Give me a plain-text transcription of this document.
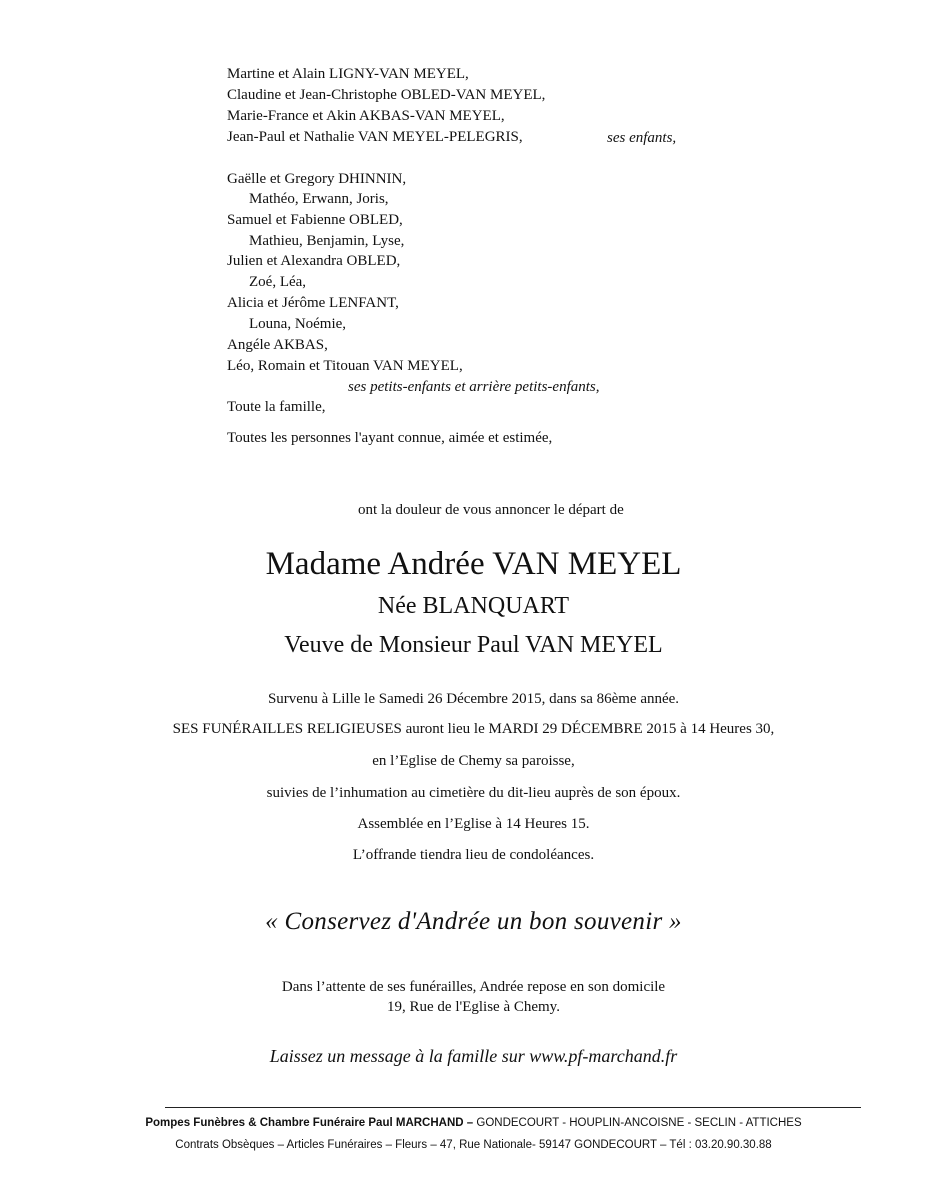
Martine et Alain LIGNY-VAN MEYEL,
Claudine et Jean-Christophe OBLED-VAN MEYEL,
Marie-France et Akin AKBAS-VAN MEYEL,
Jean-Paul et Nathalie VAN MEYEL-PELEGRIS,	ses enfants,
Gaëlle et Gregory DHINNIN,
Mathéo, Erwann, Joris,
Samuel et Fabienne OBLED,
Mathieu, Benjamin, Lyse,
Julien et Alexandra OBLED,
Zoé, Léa,
Alicia et Jérôme LENFANT,
Louna, Noémie,
Angéle AKBAS,
Léo, Romain et Titouan VAN MEYEL,
ses petits-enfants et arrière petits-enfants,
Toute la famille,
Toutes les personnes l'ayant connue, aimée et estimée,
ont la douleur de vous annoncer le départ de
Madame Andrée VAN MEYEL
Née BLANQUART
Veuve de Monsieur Paul VAN MEYEL
Survenu à Lille le Samedi 26 Décembre 2015, dans sa 86ème année.
SES FUNÉRAILLES RELIGIEUSES auront lieu le MARDI 29 DÉCEMBRE 2015 à 14 Heures 30,
en l’Eglise de Chemy sa paroisse,
suivies de l’inhumation au cimetière du dit-lieu auprès de son époux.
Assemblée en l’Eglise à 14 Heures 15.
L’offrande tiendra lieu de condoléances.
« Conservez d'Andrée un bon souvenir »
Dans l’attente de ses funérailles, Andrée repose en son domicile
19, Rue de l'Eglise à Chemy.
Laissez un message à la famille sur www.pf-marchand.fr
Pompes Funèbres & Chambre Funéraire Paul MARCHAND – GONDECOURT - HOUPLIN-ANCOISNE - SECLIN - ATTICHES
Contrats Obsèques – Articles Funéraires – Fleurs – 47, Rue Nationale- 59147 GONDECOURT – Tél : 03.20.90.30.88
